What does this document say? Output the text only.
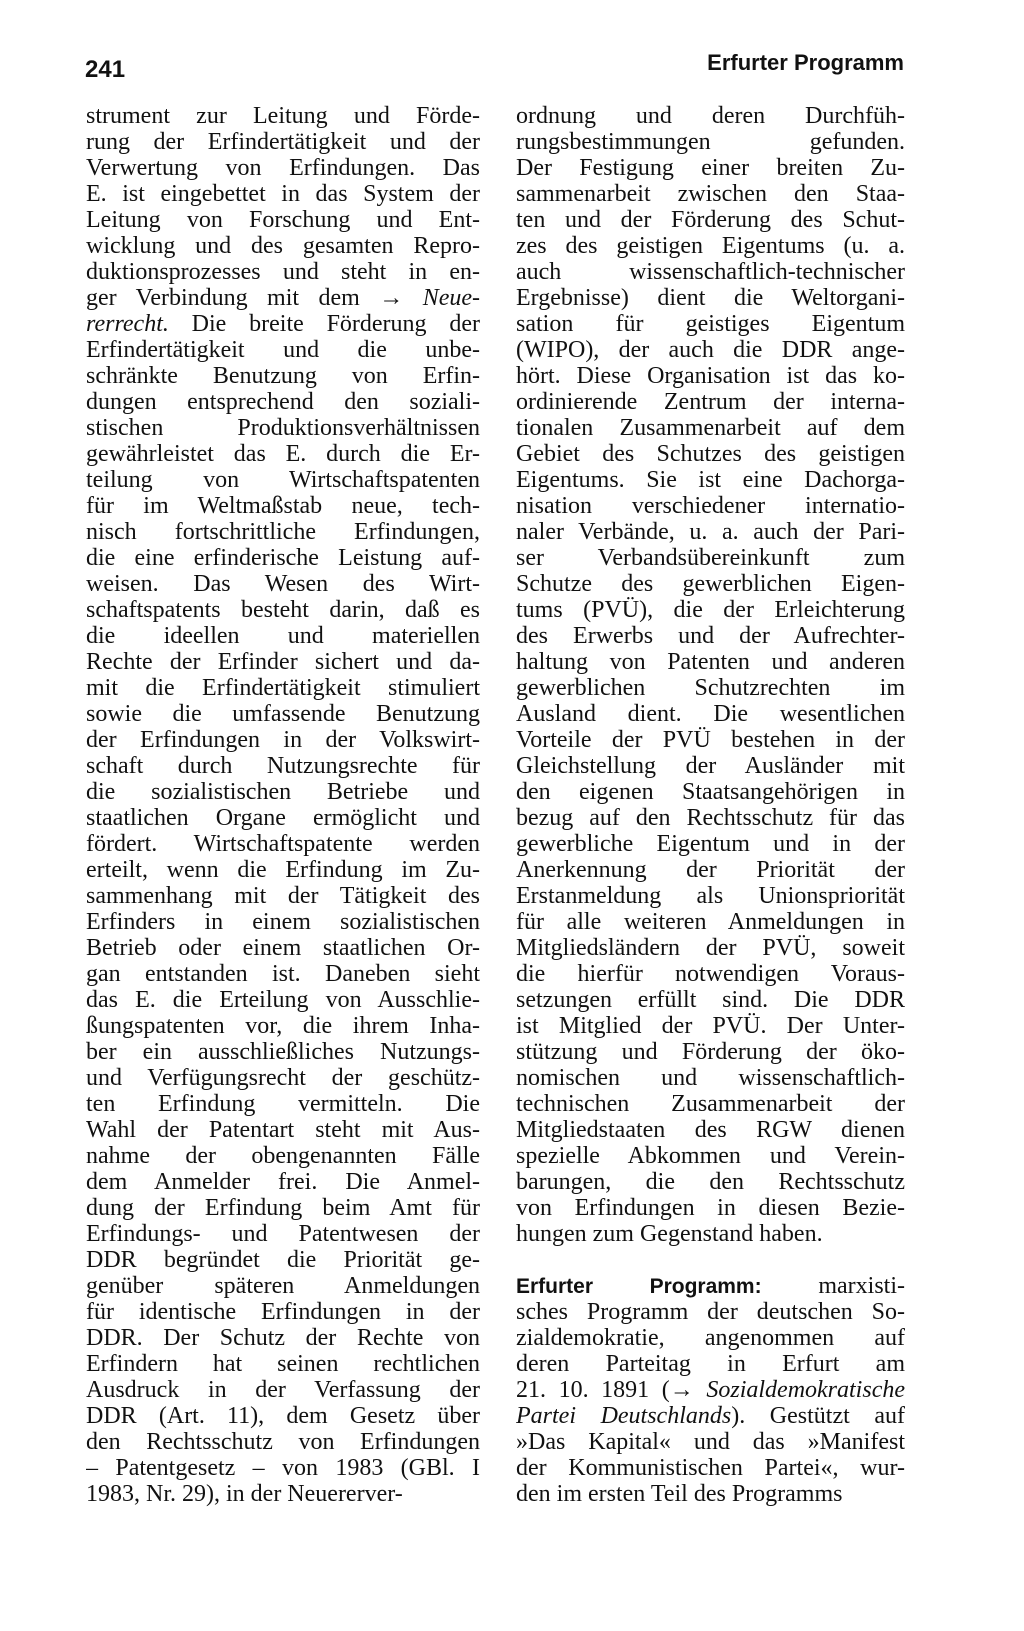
241	Erfurter Programm
strument zur Leitung und Förde-
rung der Erfindertätigkeit und der
Verwertung von Erfindungen. Das
E. ist eingebettet in das System der
Leitung von Forschung und Ent-
wicklung und des gesamten Repro-
duktionsprozesses und steht in en-
ger Verbindung mit dem → Neue-
rerrecht. Die breite Förderung der
Erfindertätigkeit und die unbe-
schränkte Benutzung von Erfin-
dungen entsprechend den soziali-
stischen Produktionsverhältnissen
gewährleistet das E. durch die Er-
teilung von Wirtschaftspatenten
für im Weltmaßstab neue, tech-
nisch fortschrittliche Erfindungen,
die eine erfinderische Leistung auf-
weisen. Das Wesen des Wirt-
schaftspatents besteht darin, daß es
die ideellen und materiellen
Rechte der Erfinder sichert und da-
mit die Erfindertätigkeit stimuliert
sowie die umfassende Benutzung
der Erfindungen in der Volkswirt-
schaft durch Nutzungsrechte für
die sozialistischen Betriebe und
staatlichen Organe ermöglicht und
fördert. Wirtschaftspatente werden
erteilt, wenn die Erfindung im Zu-
sammenhang mit der Tätigkeit des
Erfinders in einem sozialistischen
Betrieb oder einem staatlichen Or-
gan entstanden ist. Daneben sieht
das E. die Erteilung von Ausschlie-
ßungspatenten vor, die ihrem Inha-
ber ein ausschließliches Nutzungs-
und Verfügungsrecht der geschütz-
ten Erfindung vermitteln. Die
Wahl der Patentart steht mit Aus-
nahme der obengenannten Fälle
dem Anmelder frei. Die Anmel-
dung der Erfindung beim Amt für
Erfindungs- und Patentwesen der
DDR begründet die Priorität ge-
genüber späteren Anmeldungen
für identische Erfindungen in der
DDR. Der Schutz der Rechte von
Erfindern hat seinen rechtlichen
Ausdruck in der Verfassung der
DDR (Art. 11), dem Gesetz über
den Rechtsschutz von Erfindungen
– Patentgesetz – von 1983 (GBl. I
1983, Nr. 29), in der Neuererver-
ordnung und deren Durchfüh-
rungsbestimmungen gefunden.
Der Festigung einer breiten Zu-
sammenarbeit zwischen den Staa-
ten und der Förderung des Schut-
zes des geistigen Eigentums (u. a.
auch wissenschaftlich-technischer
Ergebnisse) dient die Weltorgani-
sation für geistiges Eigentum
(WIPO), der auch die DDR ange-
hört. Diese Organisation ist das ko-
ordinierende Zentrum der interna-
tionalen Zusammenarbeit auf dem
Gebiet des Schutzes des geistigen
Eigentums. Sie ist eine Dachorga-
nisation verschiedener internatio-
naler Verbände, u. a. auch der Pari-
ser Verbandsübereinkunft zum
Schutze des gewerblichen Eigen-
tums (PVÜ), die der Erleichterung
des Erwerbs und der Aufrechter-
haltung von Patenten und anderen
gewerblichen Schutzrechten im
Ausland dient. Die wesentlichen
Vorteile der PVÜ bestehen in der
Gleichstellung der Ausländer mit
den eigenen Staatsangehörigen in
bezug auf den Rechtsschutz für das
gewerbliche Eigentum und in der
Anerkennung der Priorität der
Erstanmeldung als Unionspriorität
für alle weiteren Anmeldungen in
Mitgliedsländern der PVÜ, soweit
die hierfür notwendigen Voraus-
setzungen erfüllt sind. Die DDR
ist Mitglied der PVÜ. Der Unter-
stützung und Förderung der öko-
nomischen und wissenschaftlich-
technischen Zusammenarbeit der
Mitgliedstaaten des RGW dienen
spezielle Abkommen und Verein-
barungen, die den Rechtsschutz
von Erfindungen in diesen Bezie-
hungen zum Gegenstand haben.
Erfurter Programm: marxisti-
sches Programm der deutschen So-
zialdemokratie, angenommen auf
deren Parteitag in Erfurt am
21. 10. 1891 (→ Sozialdemokratische
Partei Deutschlands). Gestützt auf
»Das Kapital« und das »Manifest
der Kommunistischen Partei«, wur-
den im ersten Teil des Programms
